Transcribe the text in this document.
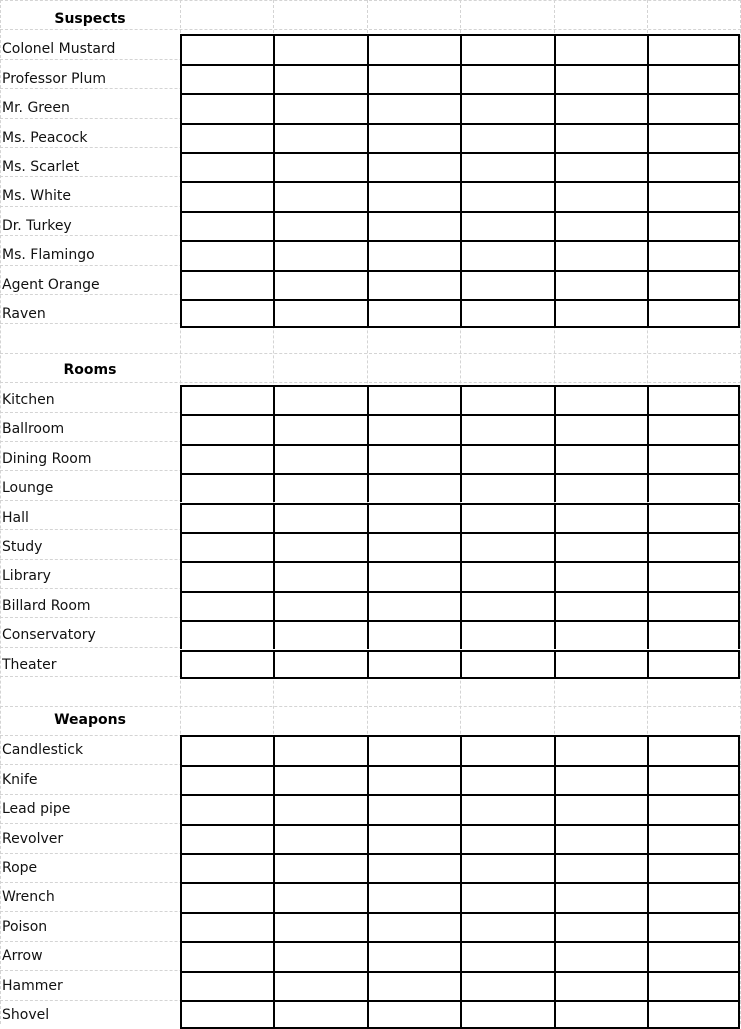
Suspects
Colonel Mustard
Professor Plum
Mr. Green
Ms. Peacock
Ms. Scarlet
Ms. White
Dr. Turkey
Ms. Flamingo
Agent Orange
Raven
Rooms
Kitchen
Ballroom
Dining Room
Lounge
Hall
Study
Library
Billard Room
Conservatory
Theater
Weapons
Candlestick
Knife
Lead pipe
Revolver
Rope
Wrench
Poison
Arrow
Hammer
Shovel
